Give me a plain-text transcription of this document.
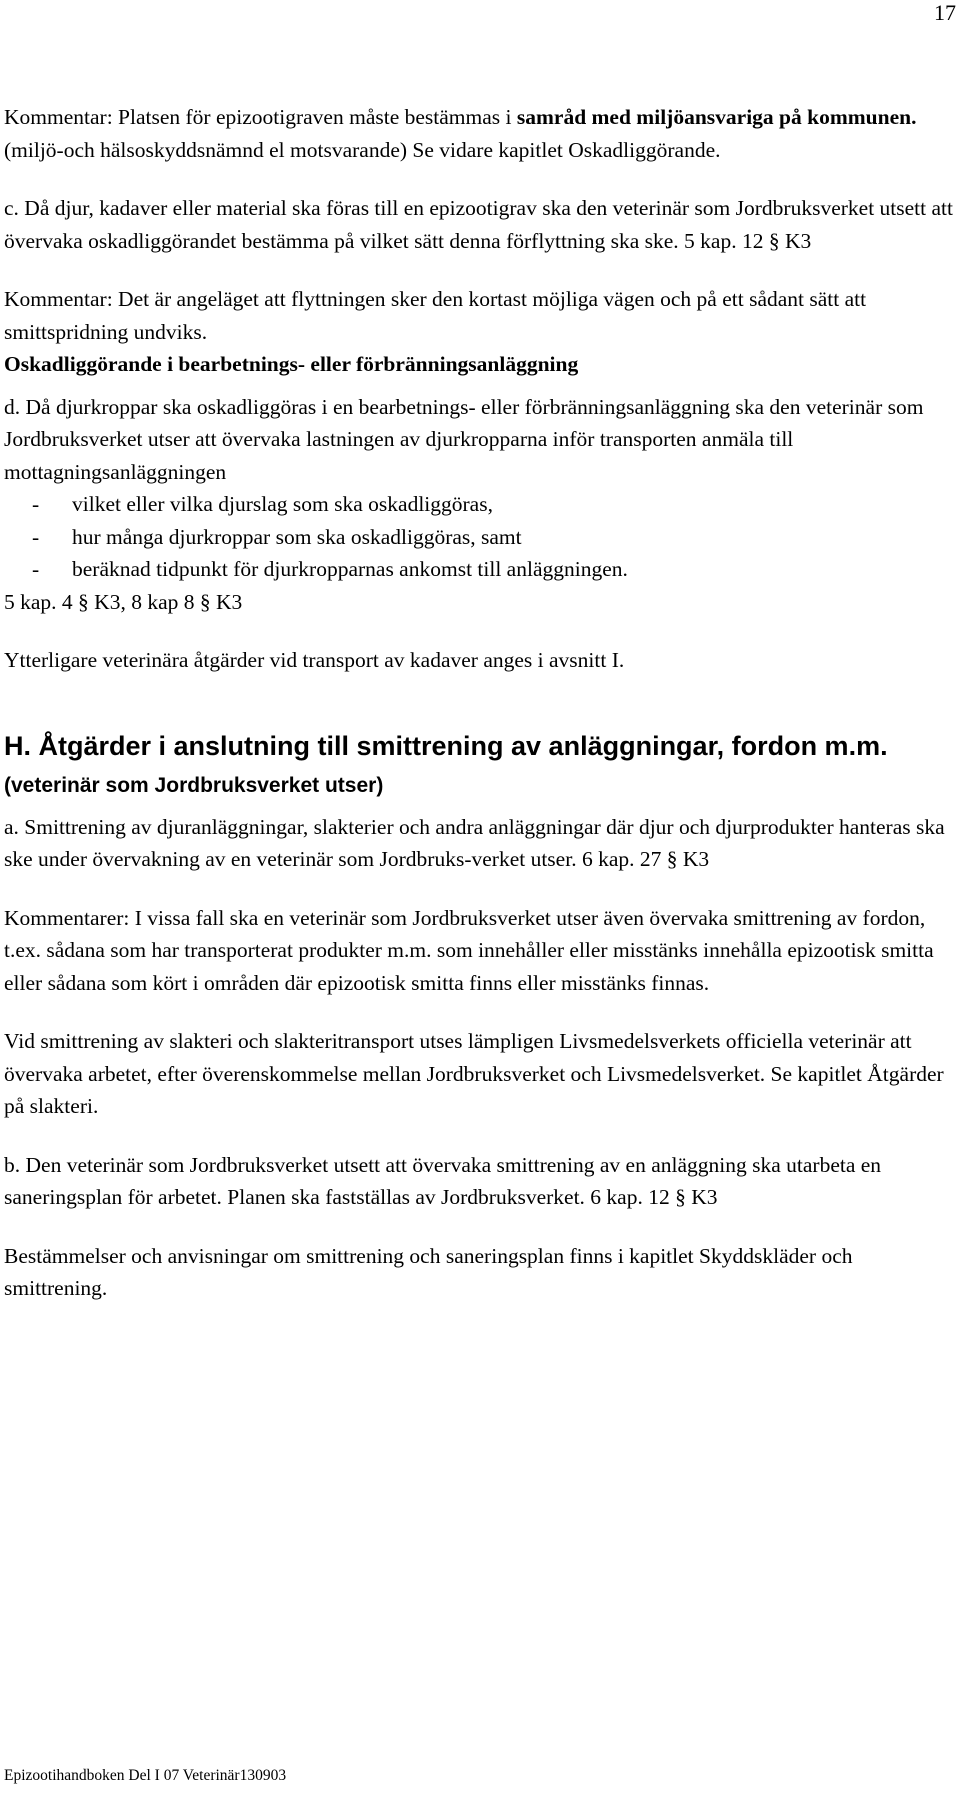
17

Kommentar: Platsen för epizootigraven måste bestämmas i samråd med miljöansvariga på kommunen. (miljö-och hälsoskyddsnämnd el motsvarande) Se vidare kapitlet Oskadliggörande.

c. Då djur, kadaver eller material ska föras till en epizootigrav ska den veterinär som Jordbruksverket utsett att övervaka oskadliggörandet bestämma på vilket sätt denna förflyttning ska ske. 5 kap. 12 § K3

Kommentar: Det är angeläget att flyttningen sker den kortast möjliga vägen och på ett sådant sätt att smittspridning undviks.

Oskadliggörande i bearbetnings- eller förbränningsanläggning

d. Då djurkroppar ska oskadliggöras i en bearbetnings- eller förbränningsanläggning ska den veterinär som Jordbruksverket utser att övervaka lastningen av djurkropparna inför transporten anmäla till mottagningsanläggningen

-	vilket eller vilka djurslag som ska oskadliggöras,
-	hur många djurkroppar som ska oskadliggöras, samt
-	beräknad tidpunkt för djurkropparnas ankomst till anläggningen.

5 kap. 4 § K3, 8 kap 8 § K3

Ytterligare veterinära åtgärder vid transport av kadaver anges i avsnitt I.

H. Åtgärder i anslutning till smittrening av anläggningar, fordon m.m.

(veterinär som Jordbruksverket utser)

a. Smittrening av djuranläggningar, slakterier och andra anläggningar där djur och djurprodukter hanteras ska ske under övervakning av en veterinär som Jordbruks-verket utser. 6 kap. 27 § K3

Kommentarer: I vissa fall ska en veterinär som Jordbruksverket utser även övervaka smittrening av fordon, t.ex. sådana som har transporterat produkter m.m. som innehåller eller misstänks innehålla epizootisk smitta eller sådana som kört i områden där epizootisk smitta finns eller misstänks finnas.

Vid smittrening av slakteri och slakteritransport utses lämpligen Livsmedelsverkets officiella veterinär att övervaka arbetet, efter överenskommelse mellan Jordbruksverket och Livsmedelsverket. Se kapitlet Åtgärder på slakteri.

b. Den veterinär som Jordbruksverket utsett att övervaka smittrening av en anläggning ska utarbeta en saneringsplan för arbetet. Planen ska fastställas av Jordbruksverket. 6 kap. 12 § K3

Bestämmelser och anvisningar om smittrening och saneringsplan finns i kapitlet Skyddskläder och smittrening.

Epizootihandboken Del I 07 Veterinär130903
